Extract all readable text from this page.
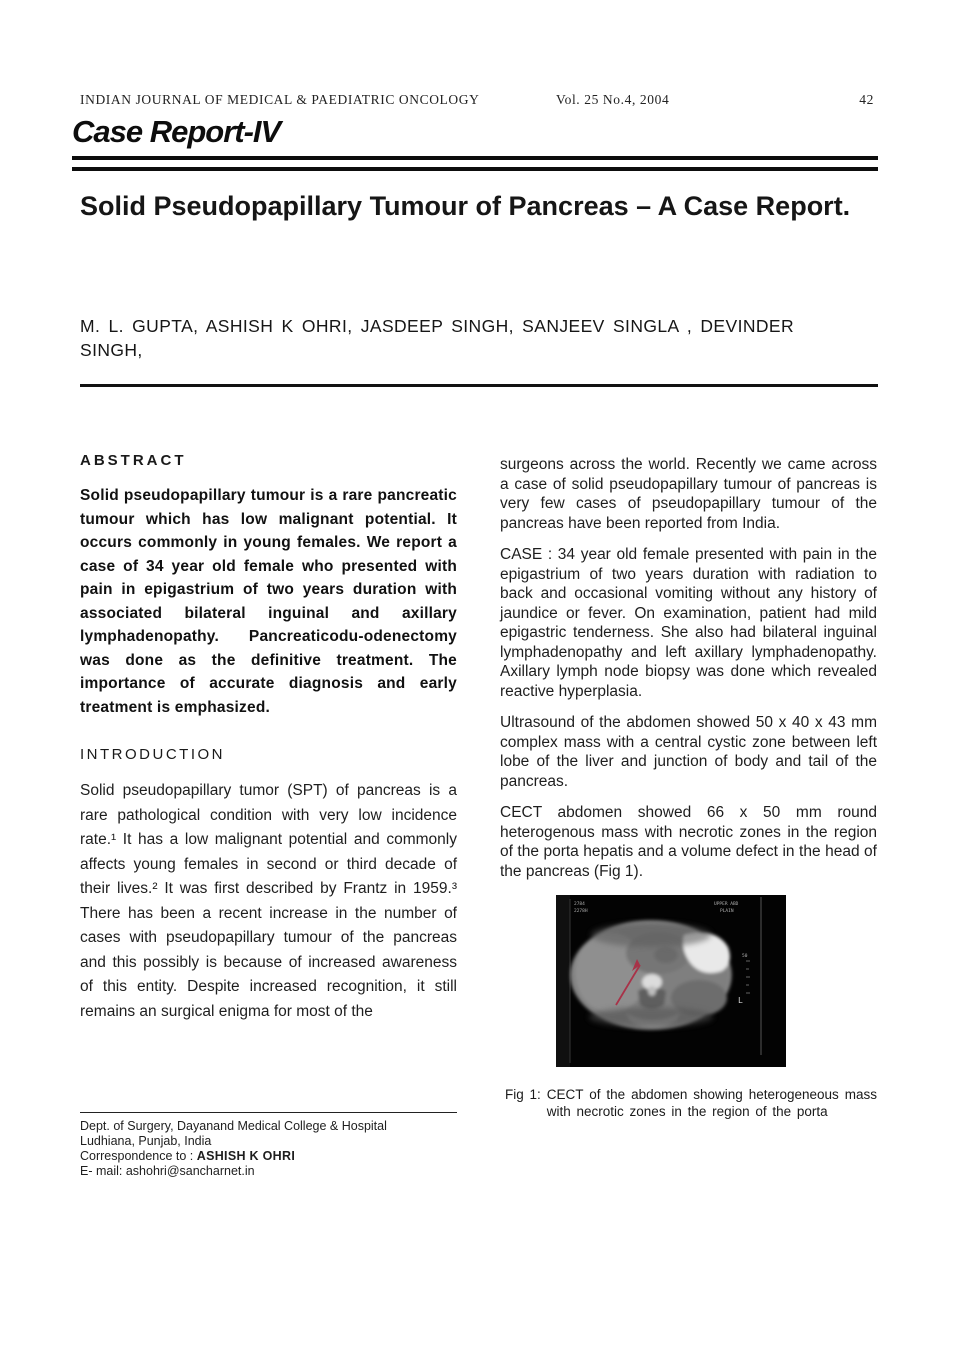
INDIAN JOURNAL OF MEDICAL & PAEDIATRIC ONCOLOGY	Vol. 25 No.4, 2004	42
Case Report-IV
Solid Pseudopapillary Tumour of Pancreas – A Case Report.
M. L. GUPTA, ASHISH K OHRI, JASDEEP SINGH, SANJEEV SINGLA , DEVINDER SINGH,
ABSTRACT
Solid pseudopapillary tumour is a rare pancreatic tumour which has low malignant potential. It occurs commonly in young females. We report a case of 34 year old female who presented with pain in epigastrium of two years duration with associated bilateral inguinal and axillary lymphadenopathy. Pancreaticodu-odenectomy was done as the definitive treatment. The importance of accurate diagnosis and early treatment is emphasized.
INTRODUCTION
Solid pseudopapillary tumor (SPT) of pancreas is a rare pathological condition with very low incidence rate.¹ It has a low malignant potential and commonly affects young females in second or third decade of their lives.² It was first described by Frantz in 1959.³ There has been a recent increase in the number of cases with pseudopapillary tumour of the pancreas and this possibly is because of increased awareness of this entity. Despite increased recognition, it still remains an surgical enigma for most of the

surgeons across the world. Recently we came across a case of solid pseudopapillary tumour of pancreas is very few cases of pseudopapillary tumour of the pancreas have been reported from India.

CASE : 34 year old female presented with pain in the epigastrium of two years duration with radiation to back and occasional vomiting without any history of jaundice or fever. On examination, patient had mild epigastric tenderness. She also had bilateral inguinal lymphadenopathy and left axillary lymphadenopathy. Axillary lymph node biopsy was done which revealed reactive hyperplasia.

Ultrasound of the abdomen showed 50 x 40 x 43 mm complex mass with a central cystic zone between left lobe of the liver and junction of body and tail of the pancreas.

CECT abdomen showed 66 x 50 mm round heterogenous mass with necrotic zones in the region of the porta hepatis and a volume defect in the head of the pancreas (Fig 1).

2784
2278H
UPPER ABD
PLAIN
50
L
Fig 1: CECT of the abdomen showing heterogeneous mass with necrotic zones in the region of the porta
Dept. of Surgery, Dayanand Medical College & Hospital
Ludhiana, Punjab, India
Correspondence to : ASHISH K OHRI
E- mail: ashohri@sancharnet.in
